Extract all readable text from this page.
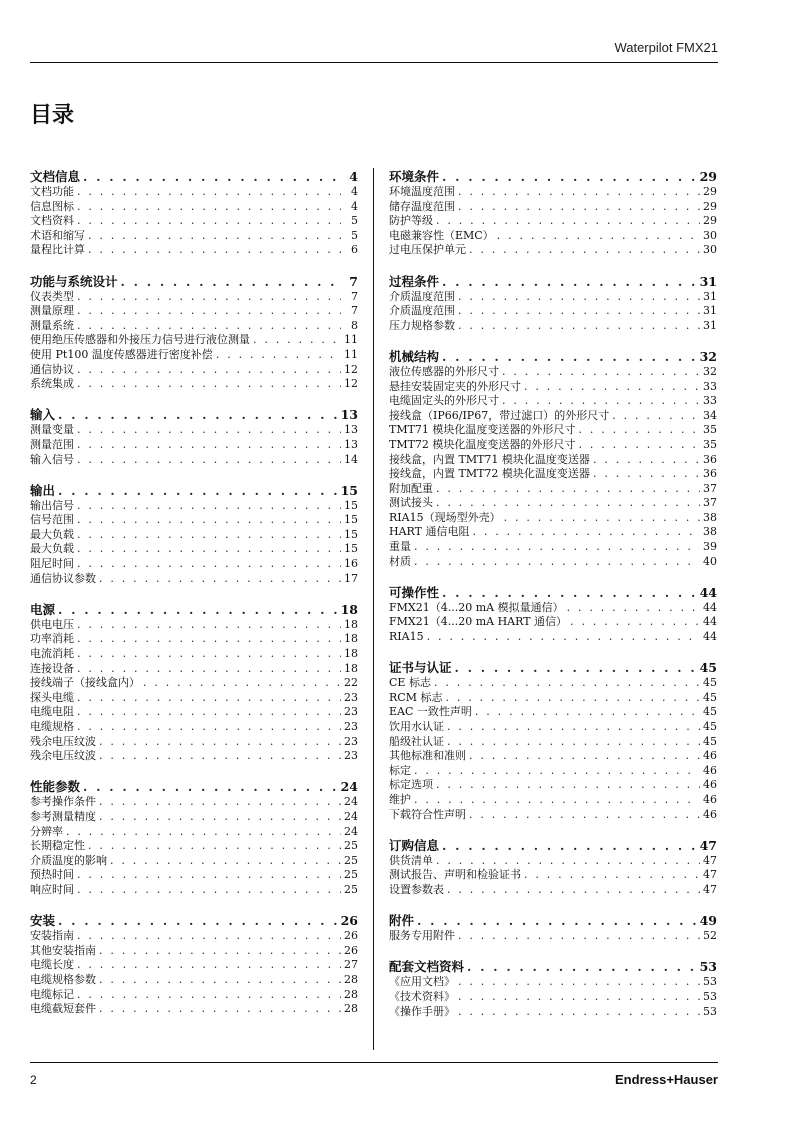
Waterpilot FMX21
目录
文档信息 . . .	4
文档功能 . . .	4
信息图标 . . .	4
文档资料 . . .	5
术语和缩写 . . .	5
量程比计算 . . .	6
功能与系统设计 . . .	7
仪表类型 . . .	7
测量原理 . . .	7
测量系统 . . .	8
使用绝压传感器和外接压力信号进行液位测量 . . .	11
使用 Pt100 温度传感器进行密度补偿 . . .	11
通信协议 . . .	12
系统集成 . . .	12
输入 . . .	13
测量变量 . . .	13
测量范围 . . .	13
输入信号 . . .	14
输出 . . .	15
输出信号 . . .	15
信号范围 . . .	15
最大负载 . . .	15
最大负载 . . .	15
阻尼时间 . . .	16
通信协议参数 . . .	17
电源 . . .	18
供电电压 . . .	18
功率消耗 . . .	18
电流消耗 . . .	18
连接设备 . . .	18
接线端子（接线盒内） . . .	22
探头电缆 . . .	23
电缆电阻 . . .	23
电缆规格 . . .	23
残余电压纹波 . . .	23
残余电压纹波 . . .	23
性能参数 . . .	24
参考操作条件 . . .	24
参考测量精度 . . .	24
分辨率 . . .	24
长期稳定性 . . .	25
介质温度的影响 . . .	25
预热时间 . . .	25
响应时间 . . .	25
安装 . . .	26
安装指南 . . .	26
其他安装指南 . . .	26
电缆长度 . . .	27
电缆规格参数 . . .	28
电缆标记 . . .	28
电缆截短套件 . . .	28
环境条件 . . .	29
环境温度范围 . . .	29
储存温度范围 . . .	29
防护等级 . . .	29
电磁兼容性（EMC） . . .	30
过电压保护单元 . . .	30
过程条件 . . .	31
介质温度范围 . . .	31
介质温度范围 . . .	31
压力规格参数 . . .	31
机械结构 . . .	32
液位传感器的外形尺寸 . . .	32
悬挂安装固定夹的外形尺寸 . . .	33
电缆固定头的外形尺寸 . . .	33
接线盒（IP66/IP67，带过滤口）的外形尺寸 . . .	34
TMT71 模块化温度变送器的外形尺寸 . . .	35
TMT72 模块化温度变送器的外形尺寸 . . .	35
接线盒，内置 TMT71 模块化温度变送器 . . .	36
接线盒，内置 TMT72 模块化温度变送器 . . .	36
附加配重 . . .	37
测试接头 . . .	37
RIA15（现场型外壳） . . .	38
HART 通信电阻 . . .	38
重量 . . .	39
材质 . . .	40
可操作性 . . .	44
FMX21（4...20 mA 模拟量通信） . . .	44
FMX21（4...20 mA HART 通信） . . .	44
RIA15 . . .	44
证书与认证 . . .	45
CE 标志 . . .	45
RCM 标志 . . .	45
EAC 一致性声明 . . .	45
饮用水认证 . . .	45
船级社认证 . . .	45
其他标准和准则 . . .	46
标定 . . .	46
标定选项 . . .	46
维护 . . .	46
下载符合性声明 . . .	46
订购信息 . . .	47
供货清单 . . .	47
测试报告、声明和检验证书 . . .	47
设置参数表 . . .	47
附件 . . .	49
服务专用附件 . . .	52
配套文档资料 . . .	53
《应用文档》 . . .	53
《技术资料》 . . .	53
《操作手册》 . . .	53
2	Endress+Hauser
